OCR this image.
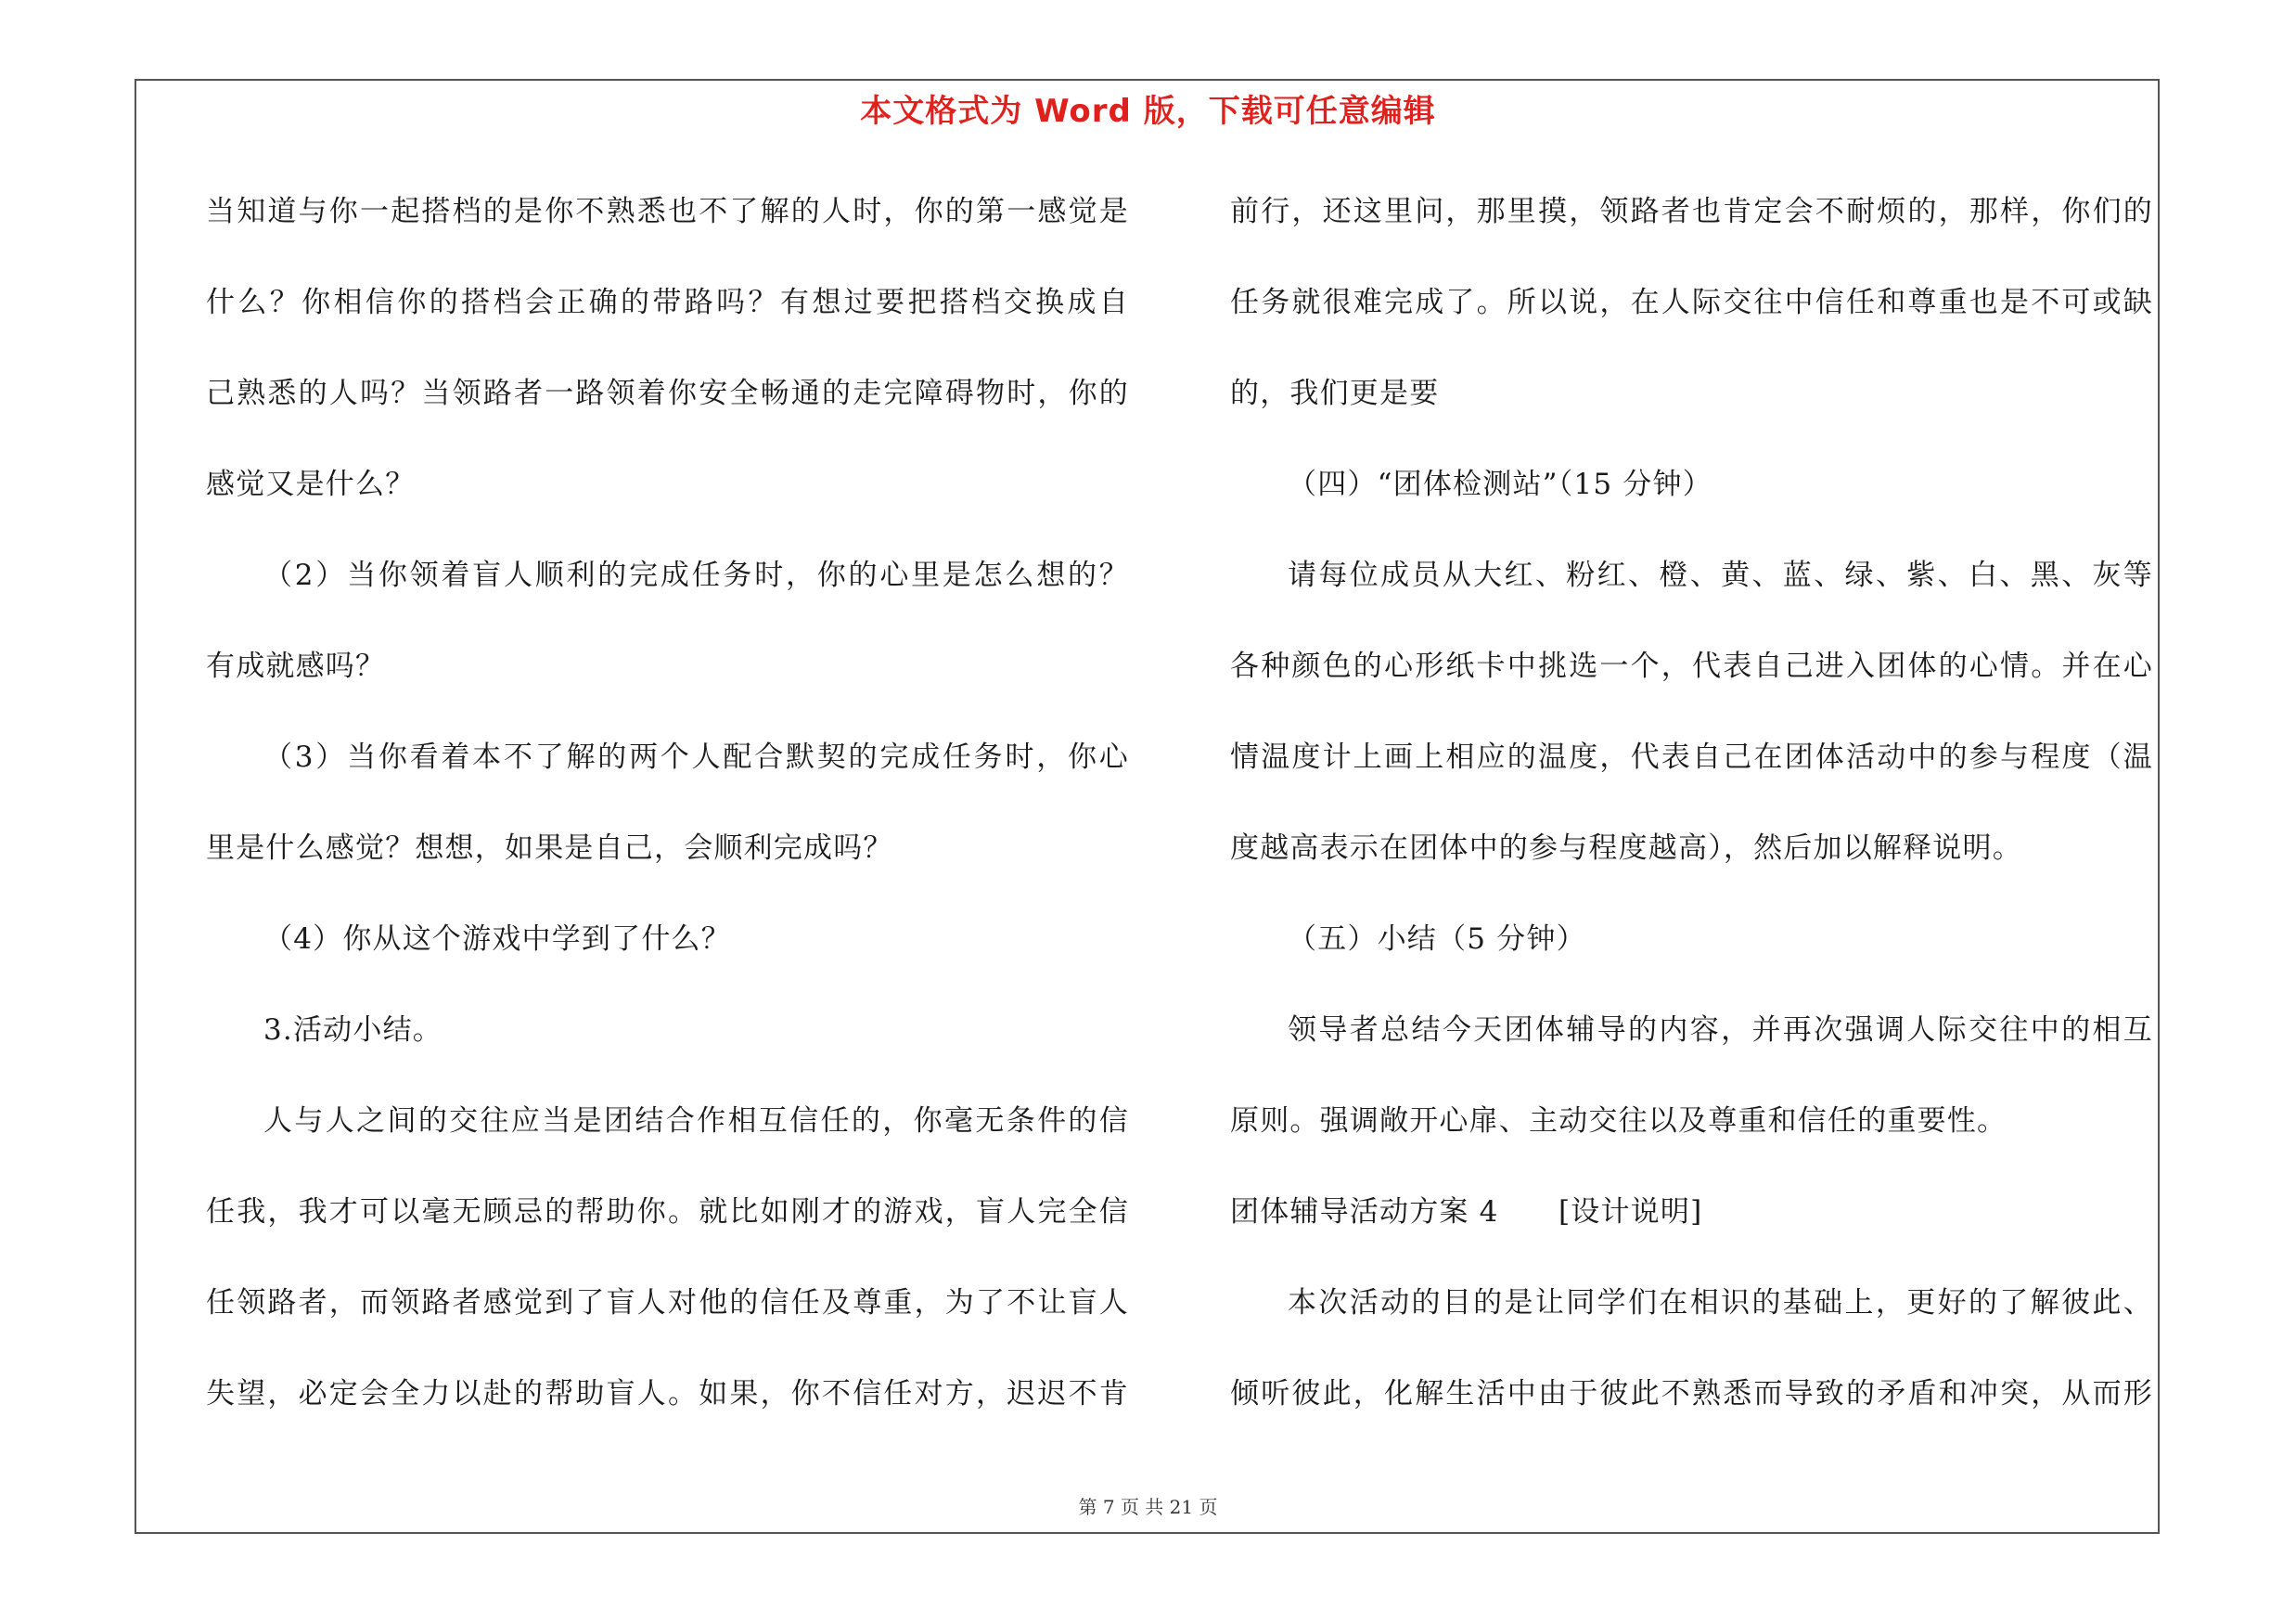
本文格式为 Word 版，下载可任意编辑
当知道与你一起搭档的是你不熟悉也不了解的人时，你的第一感觉是
什么？你相信你的搭档会正确的带路吗？有想过要把搭档交换成自
己熟悉的人吗？当领路者一路领着你安全畅通的走完障碍物时，你的
感觉又是什么？
（2）当你领着盲人顺利的完成任务时，你的心里是怎么想的？
有成就感吗？
（3）当你看着本不了解的两个人配合默契的完成任务时，你心
里是什么感觉？想想，如果是自己，会顺利完成吗？
（4）你从这个游戏中学到了什么？
3.活动小结。
人与人之间的交往应当是团结合作相互信任的，你毫无条件的信
任我，我才可以毫无顾忌的帮助你。就比如刚才的游戏，盲人完全信
任领路者，而领路者感觉到了盲人对他的信任及尊重，为了不让盲人
失望，必定会全力以赴的帮助盲人。如果，你不信任对方，迟迟不肯
前行，还这里问，那里摸，领路者也肯定会不耐烦的，那样，你们的
任务就很难完成了。所以说，在人际交往中信任和尊重也是不可或缺
的，我们更是要
（四）“团体检测站”（15 分钟）
请每位成员从大红、粉红、橙、黄、蓝、绿、紫、白、黑、灰等
各种颜色的心形纸卡中挑选一个，代表自己进入团体的心情。并在心
情温度计上画上相应的温度，代表自己在团体活动中的参与程度（温
度越高表示在团体中的参与程度越高），然后加以解释说明。
（五）小结（5 分钟）
领导者总结今天团体辅导的内容，并再次强调人际交往中的相互
原则。强调敞开心扉、主动交往以及尊重和信任的重要性。
团体辅导活动方案 4　　[设计说明]
本次活动的目的是让同学们在相识的基础上，更好的了解彼此、
倾听彼此，化解生活中由于彼此不熟悉而导致的矛盾和冲突，从而形
第 7 页 共 21 页
